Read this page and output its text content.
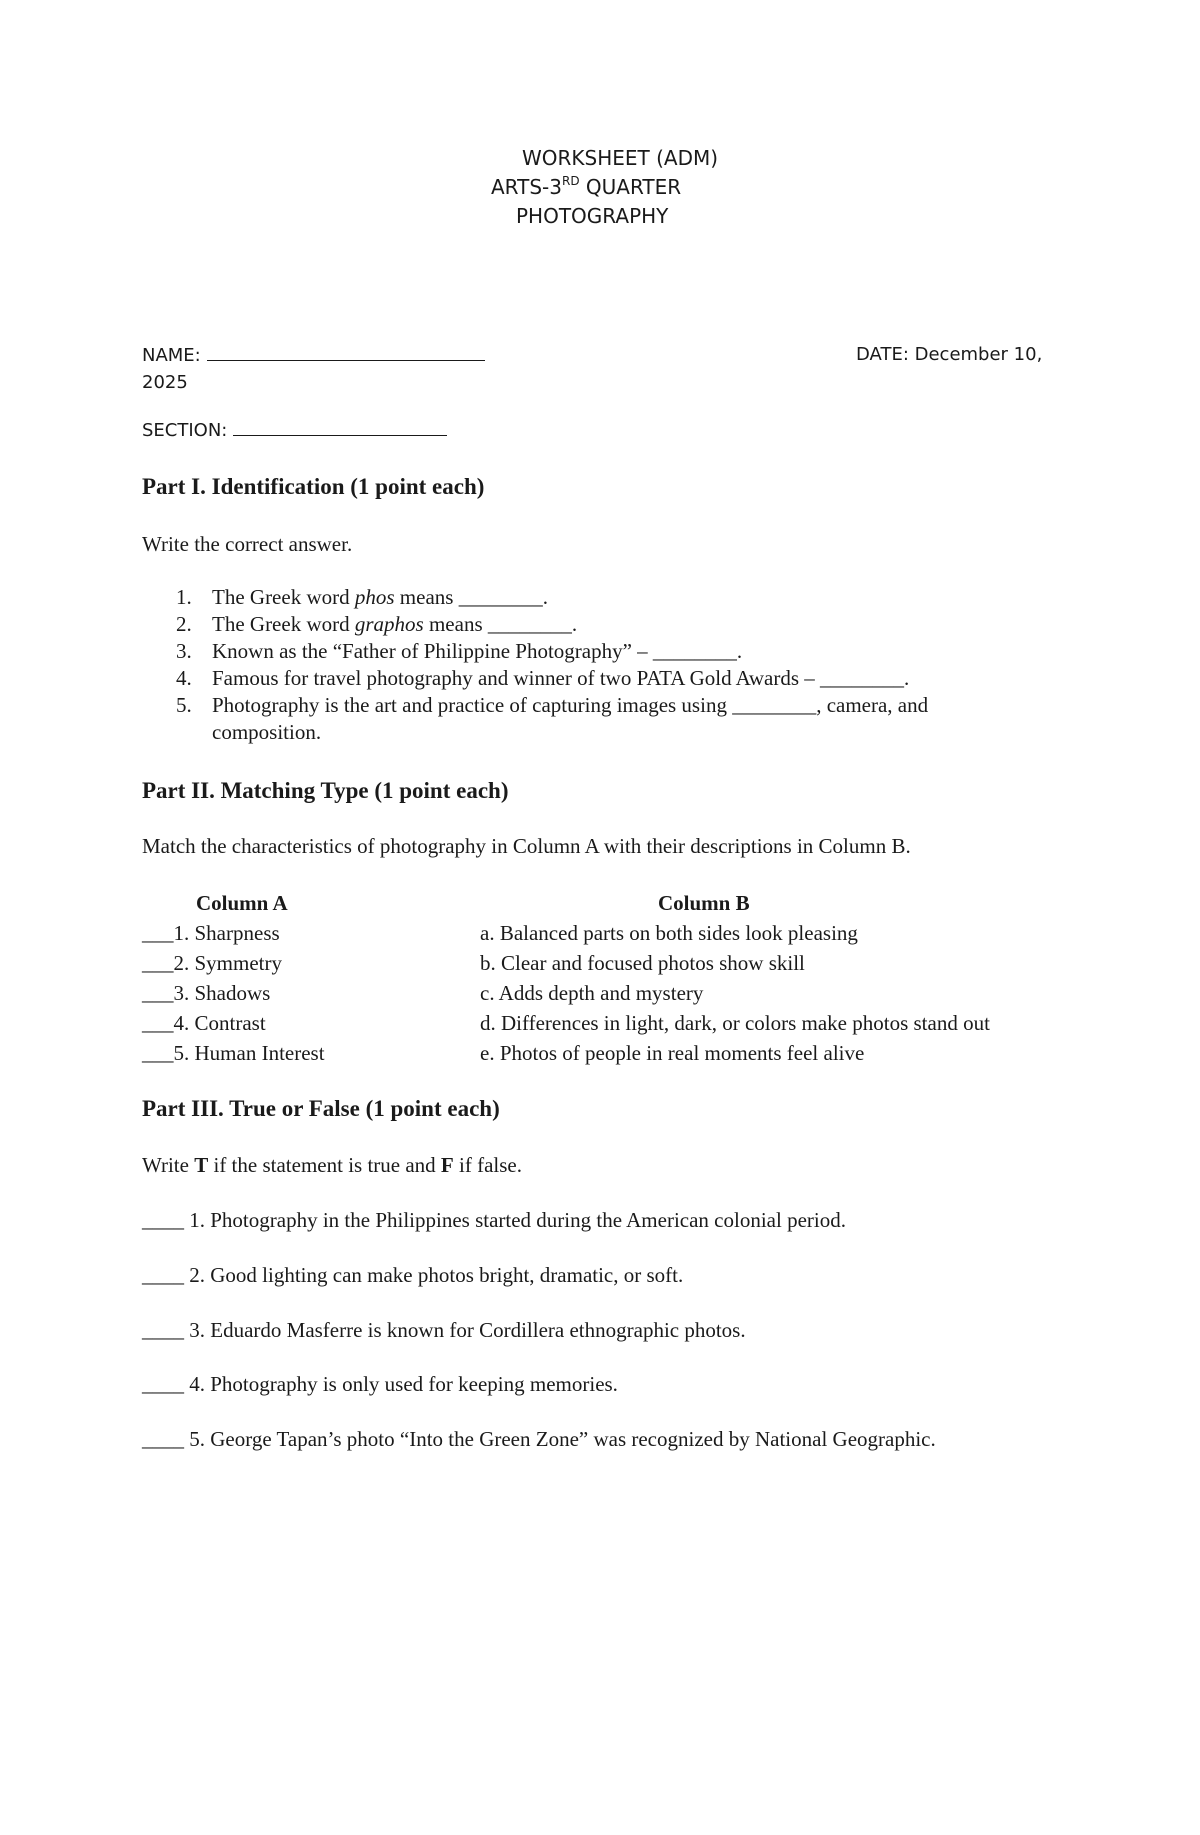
WORKSHEET (ADM)
ARTS-3RD QUARTER
PHOTOGRAPHY
NAME:	DATE: December 10,
2025
SECTION:
Part I. Identification (1 point each)
Write the correct answer.
1. The Greek word phos means ________.
2. The Greek word graphos means ________.
3. Known as the “Father of Philippine Photography” – ________.
4. Famous for travel photography and winner of two PATA Gold Awards – ________.
5. Photography is the art and practice of capturing images using ________, camera, and composition.
Part II. Matching Type (1 point each)
Match the characteristics of photography in Column A with their descriptions in Column B.
Column A	Column B
___1. Sharpness	a. Balanced parts on both sides look pleasing
___2. Symmetry	b. Clear and focused photos show skill
___3. Shadows	c. Adds depth and mystery
___4. Contrast	d. Differences in light, dark, or colors make photos stand out
___5. Human Interest	e. Photos of people in real moments feel alive
Part III. True or False (1 point each)
Write T if the statement is true and F if false.
____ 1. Photography in the Philippines started during the American colonial period.
____ 2. Good lighting can make photos bright, dramatic, or soft.
____ 3. Eduardo Masferre is known for Cordillera ethnographic photos.
____ 4. Photography is only used for keeping memories.
____ 5. George Tapan’s photo “Into the Green Zone” was recognized by National Geographic.
